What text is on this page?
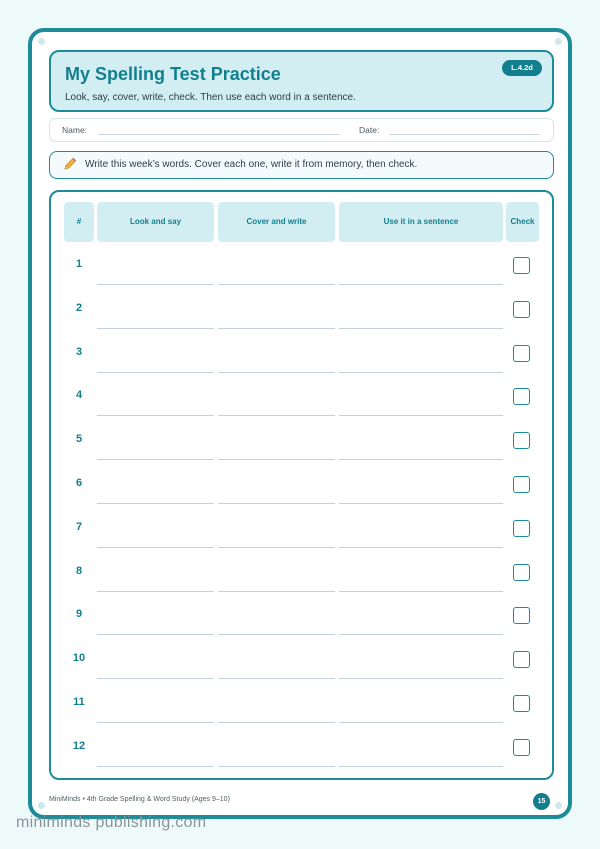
My Spelling Test Practice
Look, say, cover, write, check. Then use each word in a sentence.
L.4.2d
Name:	Date:
Write this week’s words. Cover each one, write it from memory, then check.
#	Look and say	Cover and write	Use it in a sentence	Check
1
2
3
4
5
6
7
8
9
10
11
12
MiniMinds • 4th Grade Spelling & Word Study (Ages 9–10)	15
miniminds publishing.com
